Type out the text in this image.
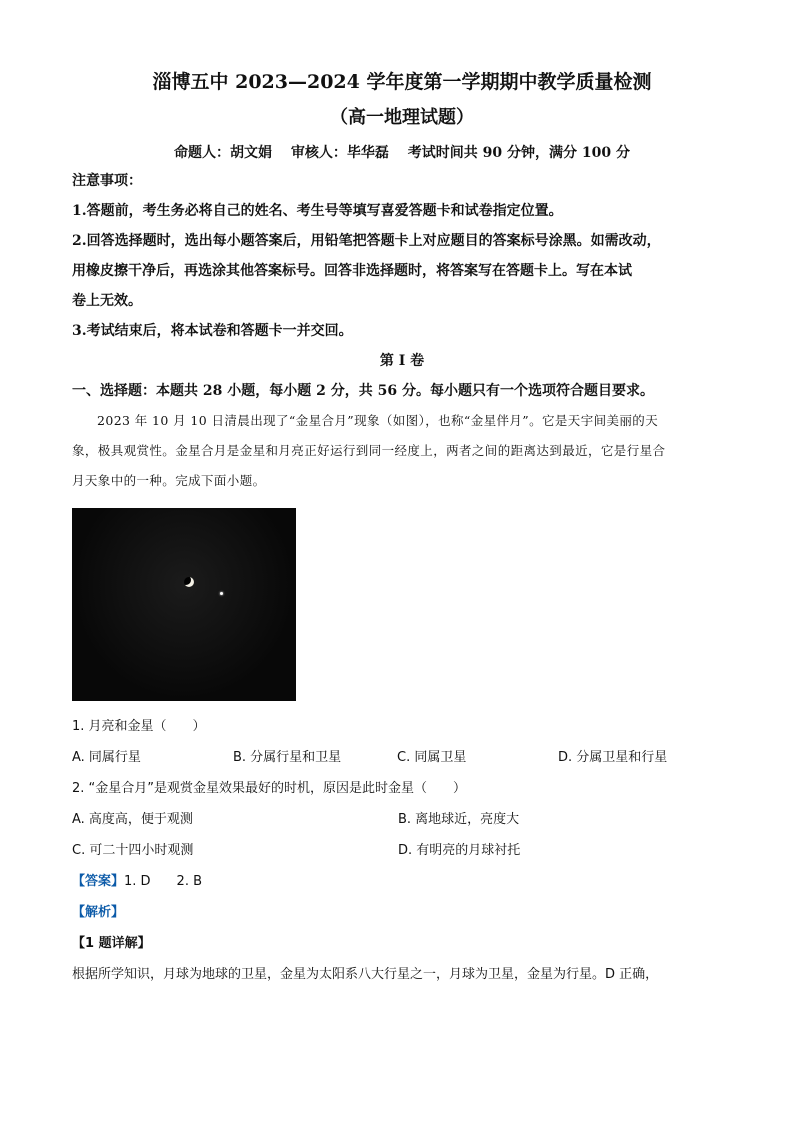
淄博五中 2023—2024 学年度第一学期期中教学质量检测
（高一地理试题）
命题人：胡文娟　 审核人：毕华磊　 考试时间共 90 分钟，满分 100 分
注意事项：
1.答题前，考生务必将自己的姓名、考生号等填写喜爱答题卡和试卷指定位置。
2.回答选择题时，选出每小题答案后，用铅笔把答题卡上对应题目的答案标号涂黑。如需改动，
用橡皮擦干净后，再选涂其他答案标号。回答非选择题时，将答案写在答题卡上。写在本试
卷上无效。
3.考试结束后，将本试卷和答题卡一并交回。
第 I 卷
一、选择题：本题共 28 小题，每小题 2 分，共 56 分。每小题只有一个选项符合题目要求。
2023 年 10 月 10 日清晨出现了“金星合月”现象（如图），也称“金星伴月”。它是天宇间美丽的天
象，极具观赏性。金星合月是金星和月亮正好运行到同一经度上，两者之间的距离达到最近，它是行星合
月天象中的一种。完成下面小题。
1. 月亮和金星（　　）
A. 同属行星	B. 分属行星和卫星	C. 同属卫星	D. 分属卫星和行星
2. “金星合月”是观赏金星效果最好的时机，原因是此时金星（　　）
A. 高度高，便于观测	B. 离地球近，亮度大
C. 可二十四小时观测	D. 有明亮的月球衬托
【答案】1. D　　2. B
【解析】
【1 题详解】
根据所学知识，月球为地球的卫星，金星为太阳系八大行星之一，月球为卫星，金星为行星。D 正确，
